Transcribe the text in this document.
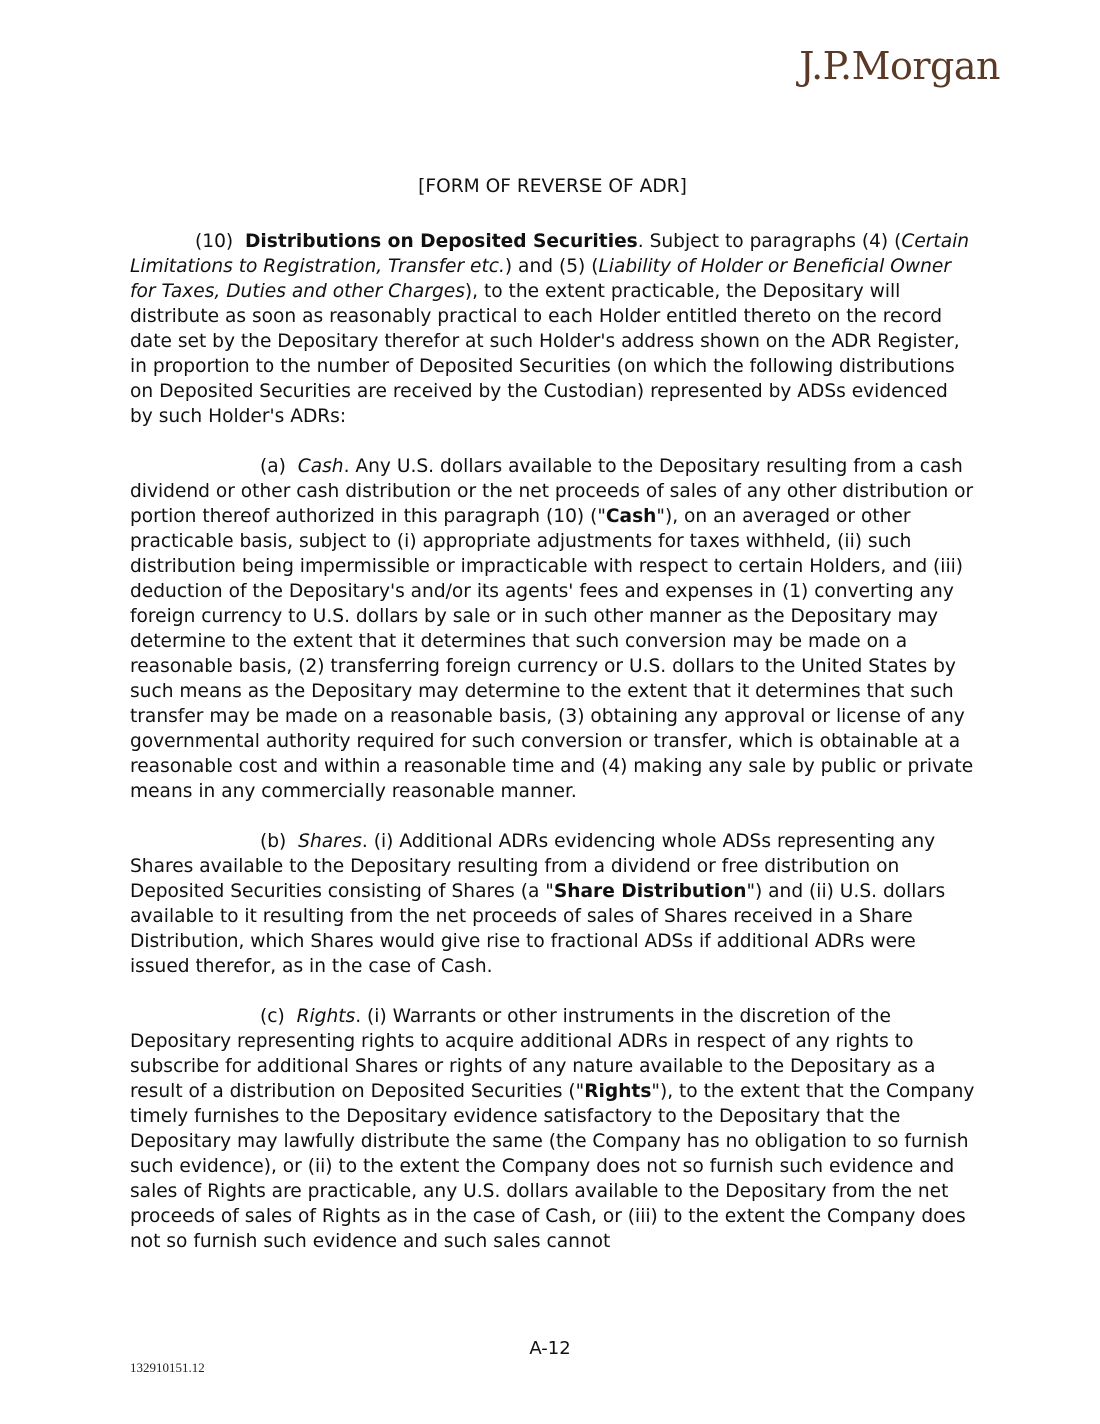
J.P.Morgan

[FORM OF REVERSE OF ADR]

(10) Distributions on Deposited Securities. Subject to paragraphs (4) (Certain Limitations to Registration, Transfer etc.) and (5) (Liability of Holder or Beneficial Owner for Taxes, Duties and other Charges), to the extent practicable, the Depositary will distribute as soon as reasonably practical to each Holder entitled thereto on the record date set by the Depositary therefor at such Holder's address shown on the ADR Register, in proportion to the number of Deposited Securities (on which the following distributions on Deposited Securities are received by the Custodian) represented by ADSs evidenced by such Holder's ADRs:

(a) Cash. Any U.S. dollars available to the Depositary resulting from a cash dividend or other cash distribution or the net proceeds of sales of any other distribution or portion thereof authorized in this paragraph (10) ("Cash"), on an averaged or other practicable basis, subject to (i) appropriate adjustments for taxes withheld, (ii) such distribution being impermissible or impracticable with respect to certain Holders, and (iii) deduction of the Depositary's and/or its agents' fees and expenses in (1) converting any foreign currency to U.S. dollars by sale or in such other manner as the Depositary may determine to the extent that it determines that such conversion may be made on a reasonable basis, (2) transferring foreign currency or U.S. dollars to the United States by such means as the Depositary may determine to the extent that it determines that such transfer may be made on a reasonable basis, (3) obtaining any approval or license of any governmental authority required for such conversion or transfer, which is obtainable at a reasonable cost and within a reasonable time and (4) making any sale by public or private means in any commercially reasonable manner.

(b) Shares. (i) Additional ADRs evidencing whole ADSs representing any Shares available to the Depositary resulting from a dividend or free distribution on Deposited Securities consisting of Shares (a "Share Distribution") and (ii) U.S. dollars available to it resulting from the net proceeds of sales of Shares received in a Share Distribution, which Shares would give rise to fractional ADSs if additional ADRs were issued therefor, as in the case of Cash.

(c) Rights. (i) Warrants or other instruments in the discretion of the Depositary representing rights to acquire additional ADRs in respect of any rights to subscribe for additional Shares or rights of any nature available to the Depositary as a result of a distribution on Deposited Securities ("Rights"), to the extent that the Company timely furnishes to the Depositary evidence satisfactory to the Depositary that the Depositary may lawfully distribute the same (the Company has no obligation to so furnish such evidence), or (ii) to the extent the Company does not so furnish such evidence and sales of Rights are practicable, any U.S. dollars available to the Depositary from the net proceeds of sales of Rights as in the case of Cash, or (iii) to the extent the Company does not so furnish such evidence and such sales cannot

A-12
132910151.12
